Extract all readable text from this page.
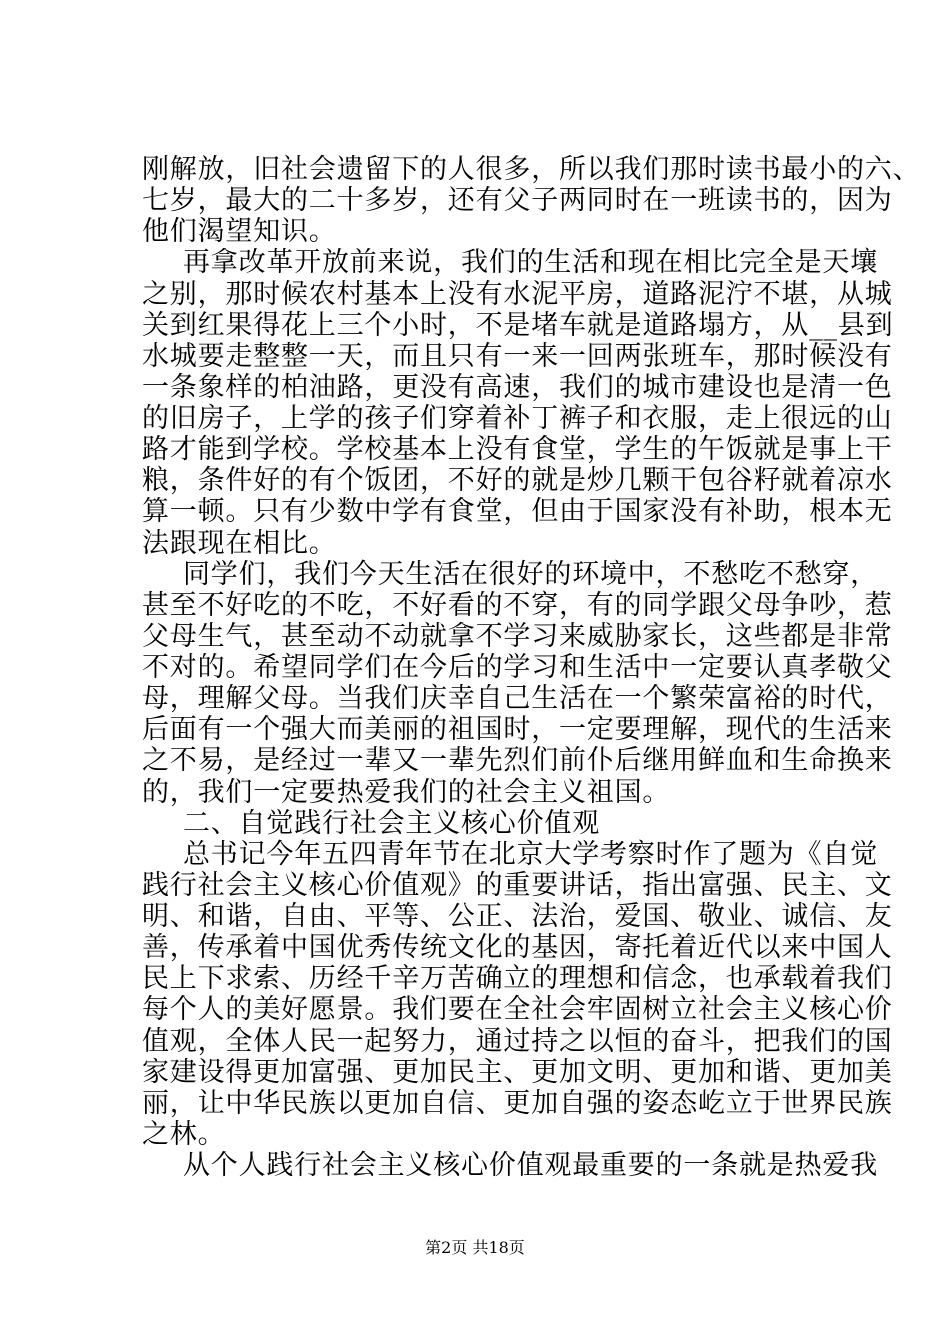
刚解放，旧社会遗留下的人很多，所以我们那时读书最小的六、
七岁，最大的二十多岁，还有父子两同时在一班读书的，因为
他们渴望知识。
再拿改革开放前来说，我们的生活和现在相比完全是天壤
之别，那时候农村基本上没有水泥平房，道路泥泞不堪，从城
关到红果得花上三个小时，不是堵车就是道路塌方，从__县到
水城要走整整一天，而且只有一来一回两张班车，那时候没有
一条象样的柏油路，更没有高速，我们的城市建设也是清一色
的旧房子，上学的孩子们穿着补丁裤子和衣服，走上很远的山
路才能到学校。学校基本上没有食堂，学生的午饭就是事上干
粮，条件好的有个饭团，不好的就是炒几颗干包谷籽就着凉水
算一顿。只有少数中学有食堂，但由于国家没有补助，根本无
法跟现在相比。
同学们，我们今天生活在很好的环境中，不愁吃不愁穿，
甚至不好吃的不吃，不好看的不穿，有的同学跟父母争吵，惹
父母生气，甚至动不动就拿不学习来威胁家长，这些都是非常
不对的。希望同学们在今后的学习和生活中一定要认真孝敬父
母，理解父母。当我们庆幸自己生活在一个繁荣富裕的时代，
后面有一个强大而美丽的祖国时，一定要理解，现代的生活来
之不易，是经过一辈又一辈先烈们前仆后继用鲜血和生命换来
的，我们一定要热爱我们的社会主义祖国。
二、自觉践行社会主义核心价值观
总书记今年五四青年节在北京大学考察时作了题为《自觉
践行社会主义核心价值观》的重要讲话，指出富强、民主、文
明、和谐，自由、平等、公正、法治，爱国、敬业、诚信、友
善，传承着中国优秀传统文化的基因，寄托着近代以来中国人
民上下求索、历经千辛万苦确立的理想和信念，也承载着我们
每个人的美好愿景。我们要在全社会牢固树立社会主义核心价
值观，全体人民一起努力，通过持之以恒的奋斗，把我们的国
家建设得更加富强、更加民主、更加文明、更加和谐、更加美
丽，让中华民族以更加自信、更加自强的姿态屹立于世界民族
之林。
从个人践行社会主义核心价值观最重要的一条就是热爱我
第2页 共18页
